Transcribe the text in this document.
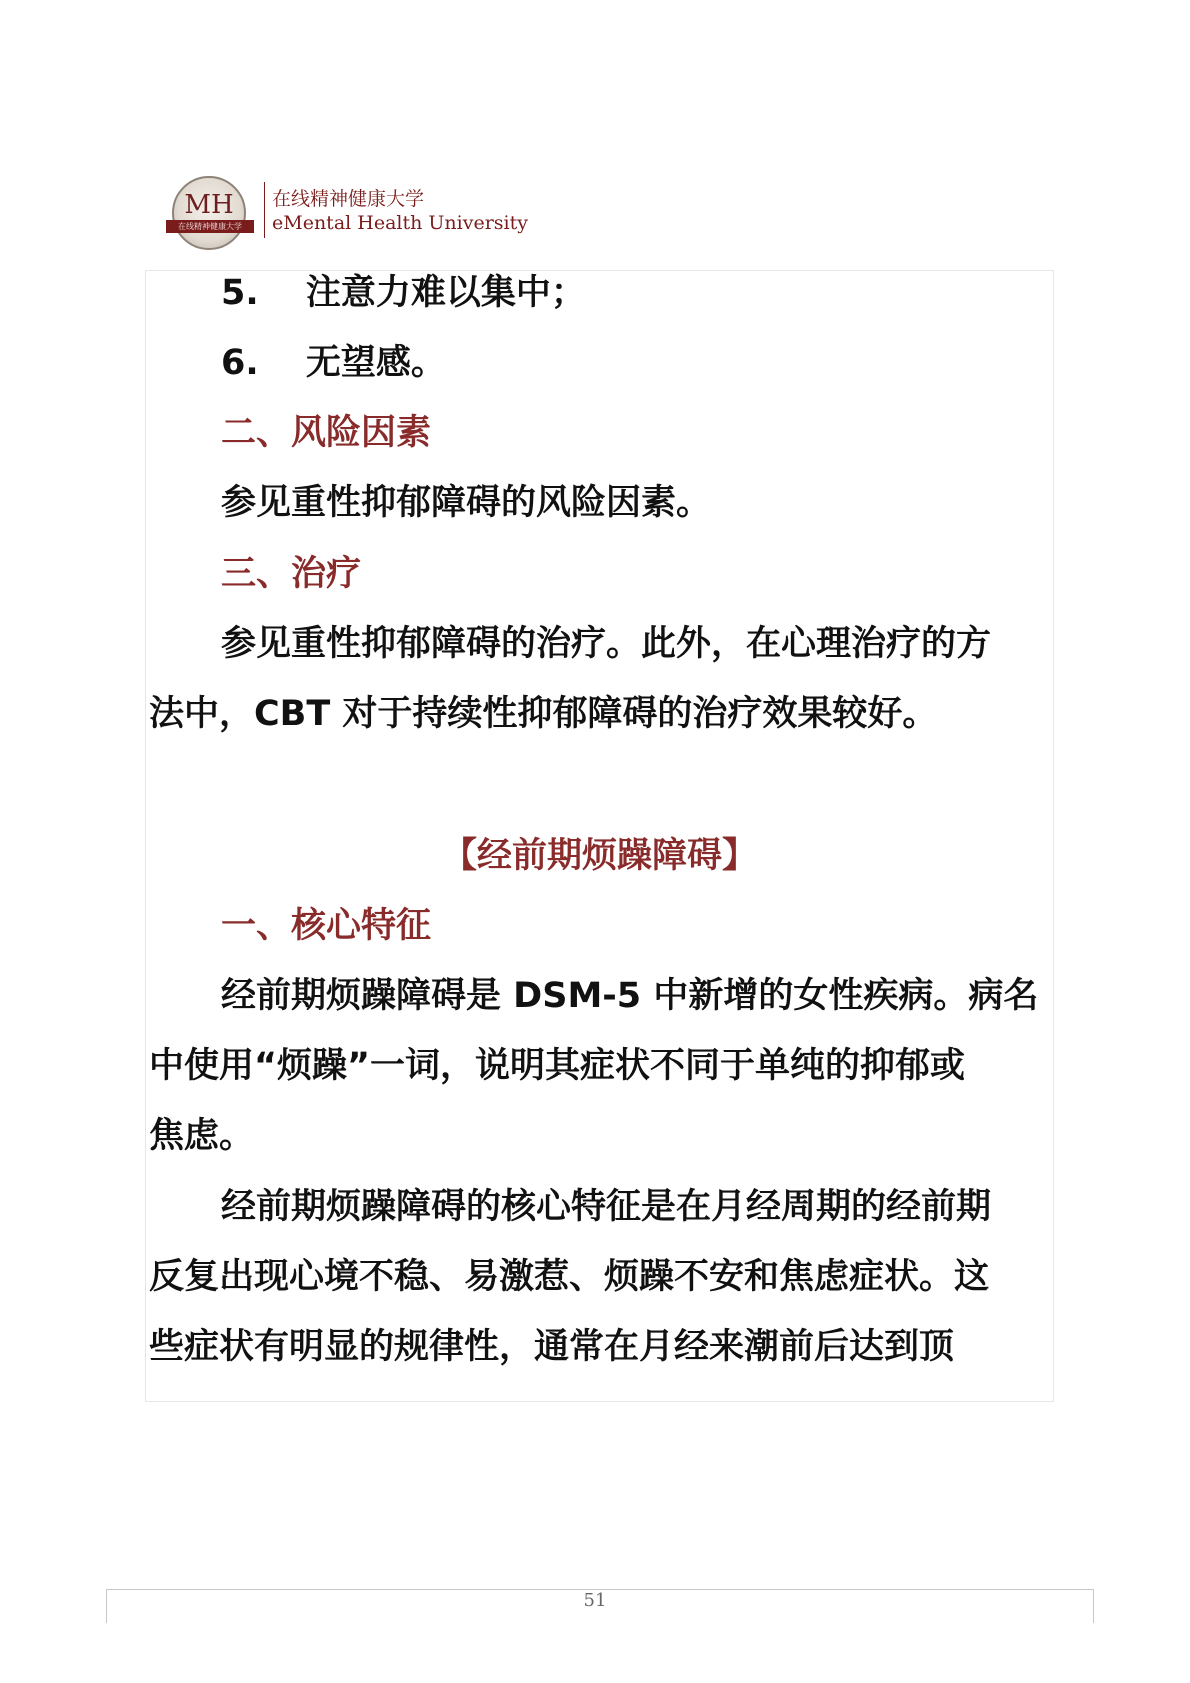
MH
在线精神健康大学
在线精神健康大学
eMental Health University
5.　 注意力难以集中；
6.　 无望感。
二、风险因素
参见重性抑郁障碍的风险因素。
三、治疗
参见重性抑郁障碍的治疗。此外，在心理治疗的方
法中，CBT 对于持续性抑郁障碍的治疗效果较好。
【经前期烦躁障碍】
一、核心特征
经前期烦躁障碍是 DSM-5 中新增的女性疾病。病名
中使用“烦躁”一词，说明其症状不同于单纯的抑郁或
焦虑。
经前期烦躁障碍的核心特征是在月经周期的经前期
反复出现心境不稳、易激惹、烦躁不安和焦虑症状。这
些症状有明显的规律性，通常在月经来潮前后达到顶
51
